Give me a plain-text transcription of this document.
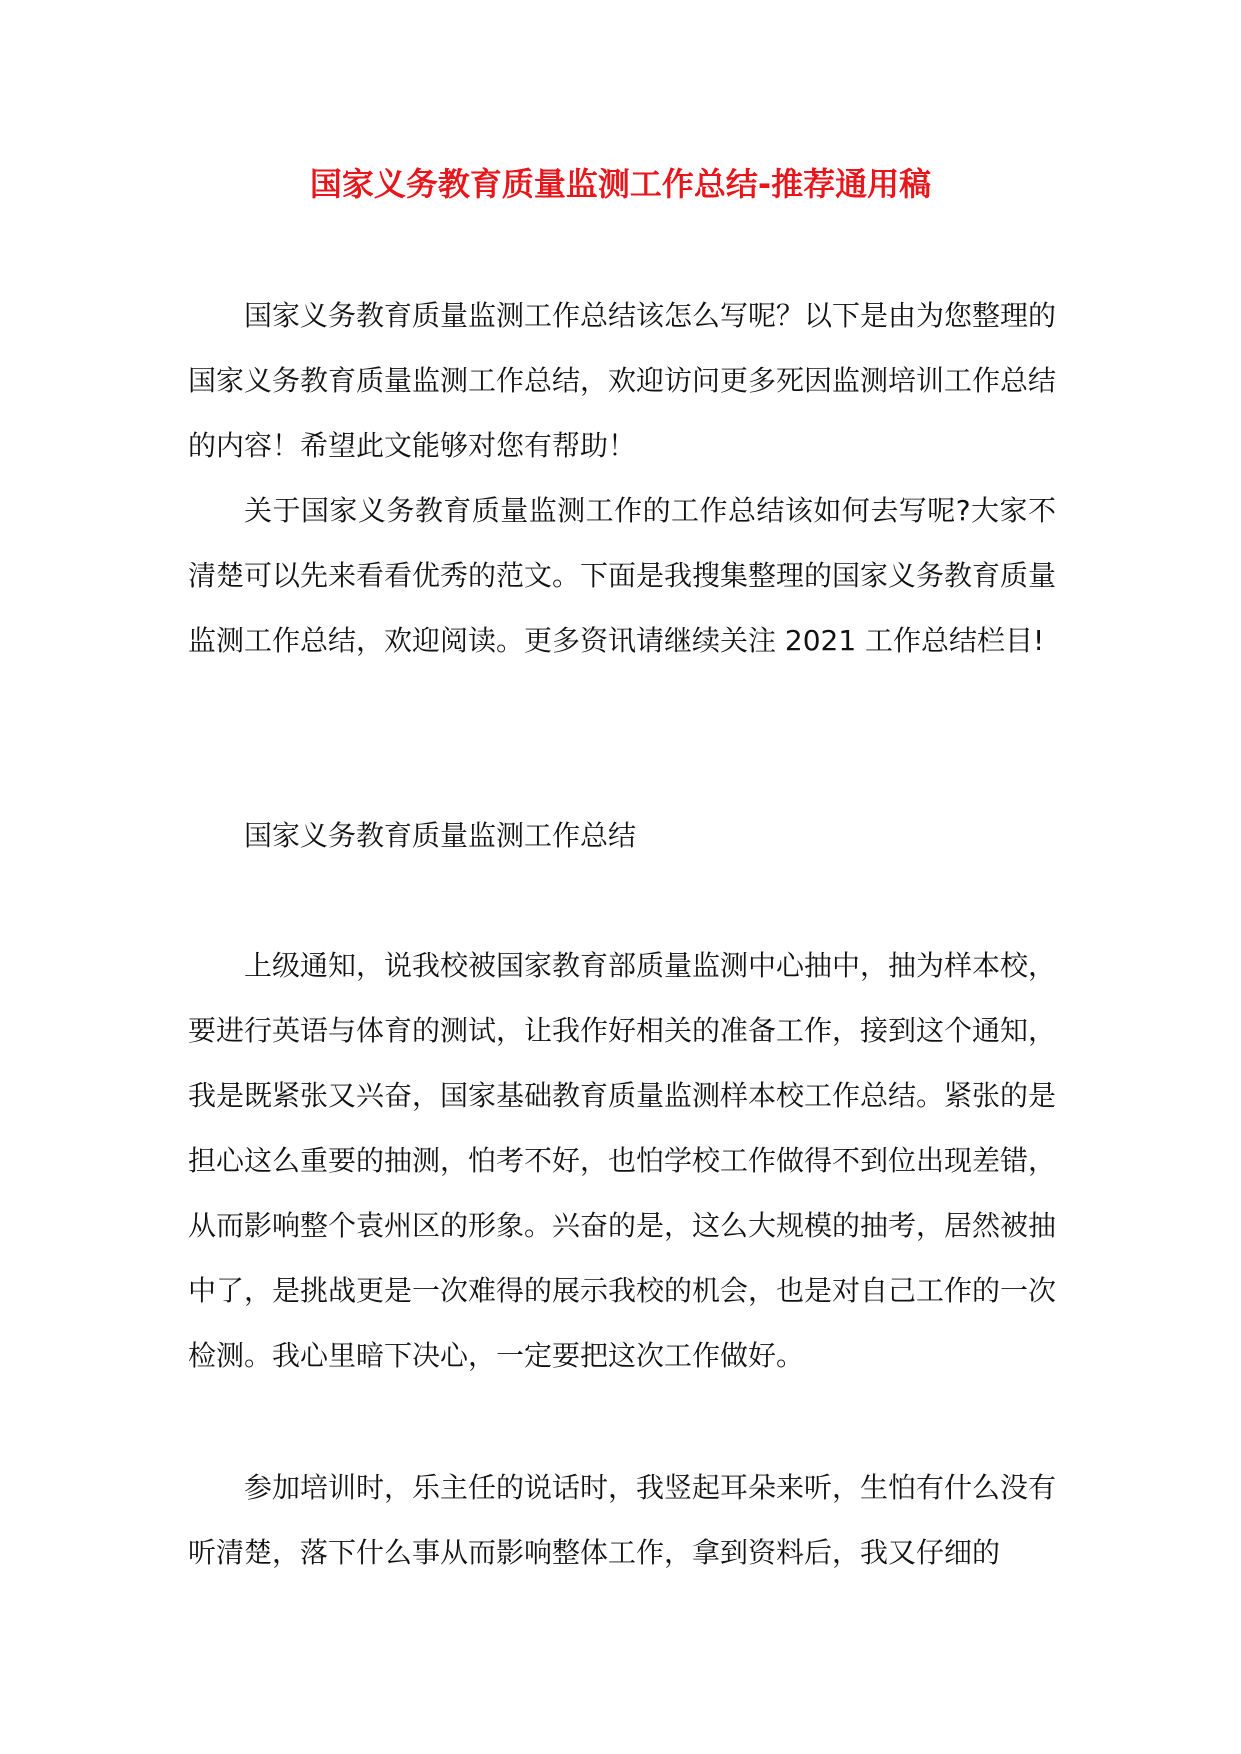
国家义务教育质量监测工作总结-推荐通用稿

国家义务教育质量监测工作总结该怎么写呢？以下是由为您整理的国家义务教育质量监测工作总结，欢迎访问更多死因监测培训工作总结的内容！希望此文能够对您有帮助！

关于国家义务教育质量监测工作的工作总结该如何去写呢?大家不清楚可以先来看看优秀的范文。下面是我搜集整理的国家义务教育质量监测工作总结，欢迎阅读。更多资讯请继续关注 2021 工作总结栏目!

国家义务教育质量监测工作总结

上级通知，说我校被国家教育部质量监测中心抽中，抽为样本校，要进行英语与体育的测试，让我作好相关的准备工作，接到这个通知，我是既紧张又兴奋，国家基础教育质量监测样本校工作总结。紧张的是担心这么重要的抽测，怕考不好，也怕学校工作做得不到位出现差错，从而影响整个袁州区的形象。兴奋的是，这么大规模的抽考，居然被抽中了，是挑战更是一次难得的展示我校的机会，也是对自己工作的一次检测。我心里暗下决心，一定要把这次工作做好。

参加培训时，乐主任的说话时，我竖起耳朵来听，生怕有什么没有听清楚，落下什么事从而影响整体工作，拿到资料后，我又仔细的
